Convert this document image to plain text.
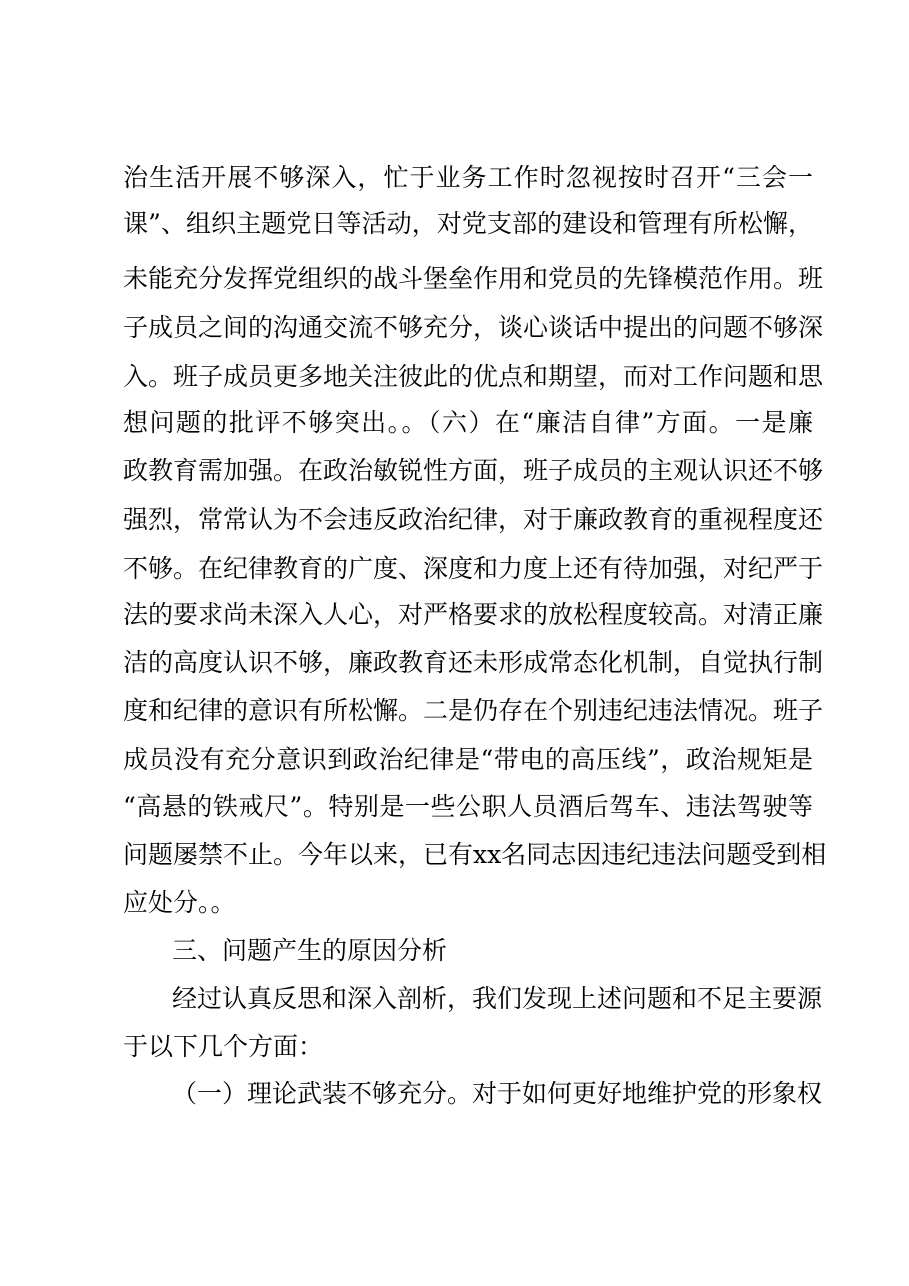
治生活开展不够深入，忙于业务工作时忽视按时召开“三会一
课”、组织主题党日等活动，对党支部的建设和管理有所松懈，
未能充分发挥党组织的战斗堡垒作用和党员的先锋模范作用。班
子成员之间的沟通交流不够充分，谈心谈话中提出的问题不够深
入。班子成员更多地关注彼此的优点和期望，而对工作问题和思
想问题的批评不够突出。。（六）在“廉洁自律”方面。一是廉
政教育需加强。在政治敏锐性方面，班子成员的主观认识还不够
强烈，常常认为不会违反政治纪律，对于廉政教育的重视程度还
不够。在纪律教育的广度、深度和力度上还有待加强，对纪严于
法的要求尚未深入人心，对严格要求的放松程度较高。对清正廉
洁的高度认识不够，廉政教育还未形成常态化机制，自觉执行制
度和纪律的意识有所松懈。二是仍存在个别违纪违法情况。班子
成员没有充分意识到政治纪律是“带电的高压线”，政治规矩是
“高悬的铁戒尺”。特别是一些公职人员酒后驾车、违法驾驶等
问题屡禁不止。今年以来，已有xx名同志因违纪违法问题受到相
应处分。。
三、问题产生的原因分析
经过认真反思和深入剖析，我们发现上述问题和不足主要源
于以下几个方面：
（一）理论武装不够充分。 对于如何更好地维护党的形象权
